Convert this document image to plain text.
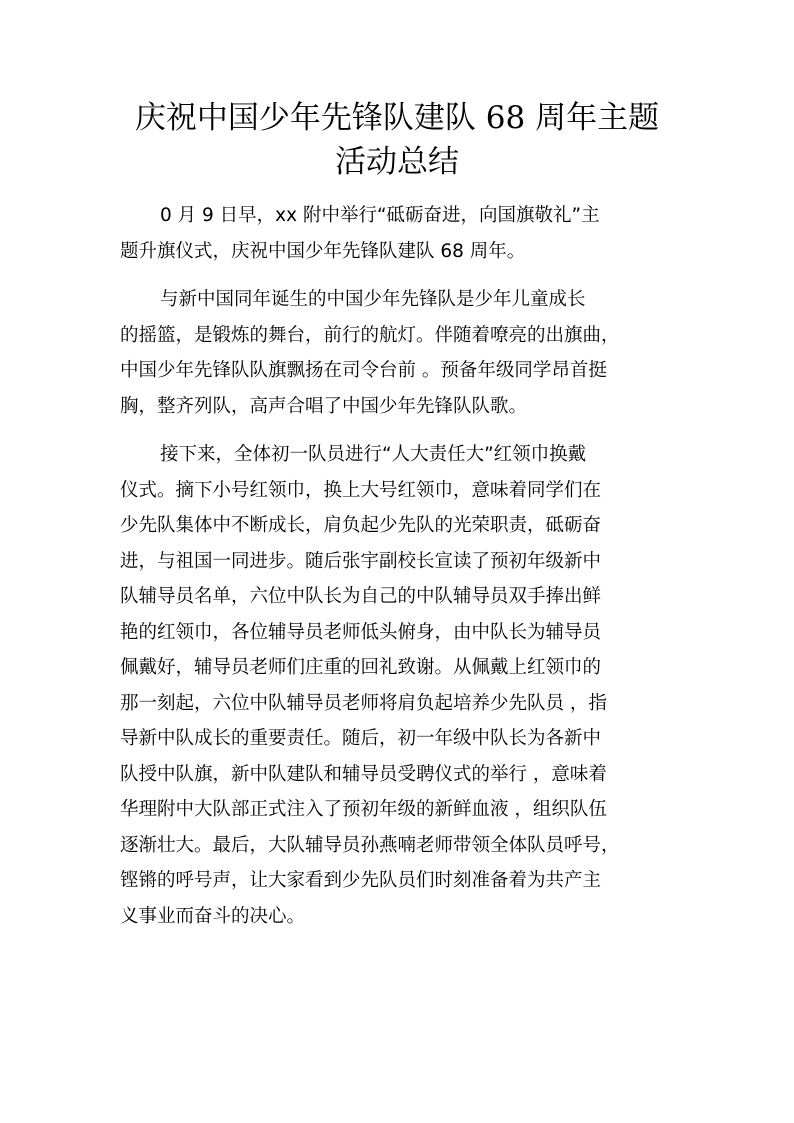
庆祝中国少年先锋队建队 68 周年主题
活动总结
0 月 9 日早，xx 附中举行“砥砺奋进，向国旗敬礼”主
题升旗仪式，庆祝中国少年先锋队建队 68 周年。
与新中国同年诞生的中国少年先锋队是少年儿童成长
的摇篮，是锻炼的舞台，前行的航灯。伴随着嘹亮的出旗曲，
中国少年先锋队队旗飘扬在司令台前 。预备年级同学昂首挺
胸，整齐列队，高声合唱了中国少年先锋队队歌。
接下来，全体初一队员进行“人大责任大”红领巾换戴
仪式。摘下小号红领巾，换上大号红领巾，意味着同学们在
少先队集体中不断成长，肩负起少先队的光荣职责，砥砺奋
进，与祖国一同进步。随后张宇副校长宣读了预初年级新中
队辅导员名单，六位中队长为自己的中队辅导员双手捧出鲜
艳的红领巾，各位辅导员老师低头俯身，由中队长为辅导员
佩戴好，辅导员老师们庄重的回礼致谢。从佩戴上红领巾的
那一刻起，六位中队辅导员老师将肩负起培养少先队员 ，指
导新中队成长的重要责任。随后，初一年级中队长为各新中
队授中队旗，新中队建队和辅导员受聘仪式的举行 ，意味着
华理附中大队部正式注入了预初年级的新鲜血液 ，组织队伍
逐渐壮大。最后，大队辅导员孙燕喃老师带领全体队员呼号，
铿锵的呼号声，让大家看到少先队员们时刻准备着为共产主
义事业而奋斗的决心。
